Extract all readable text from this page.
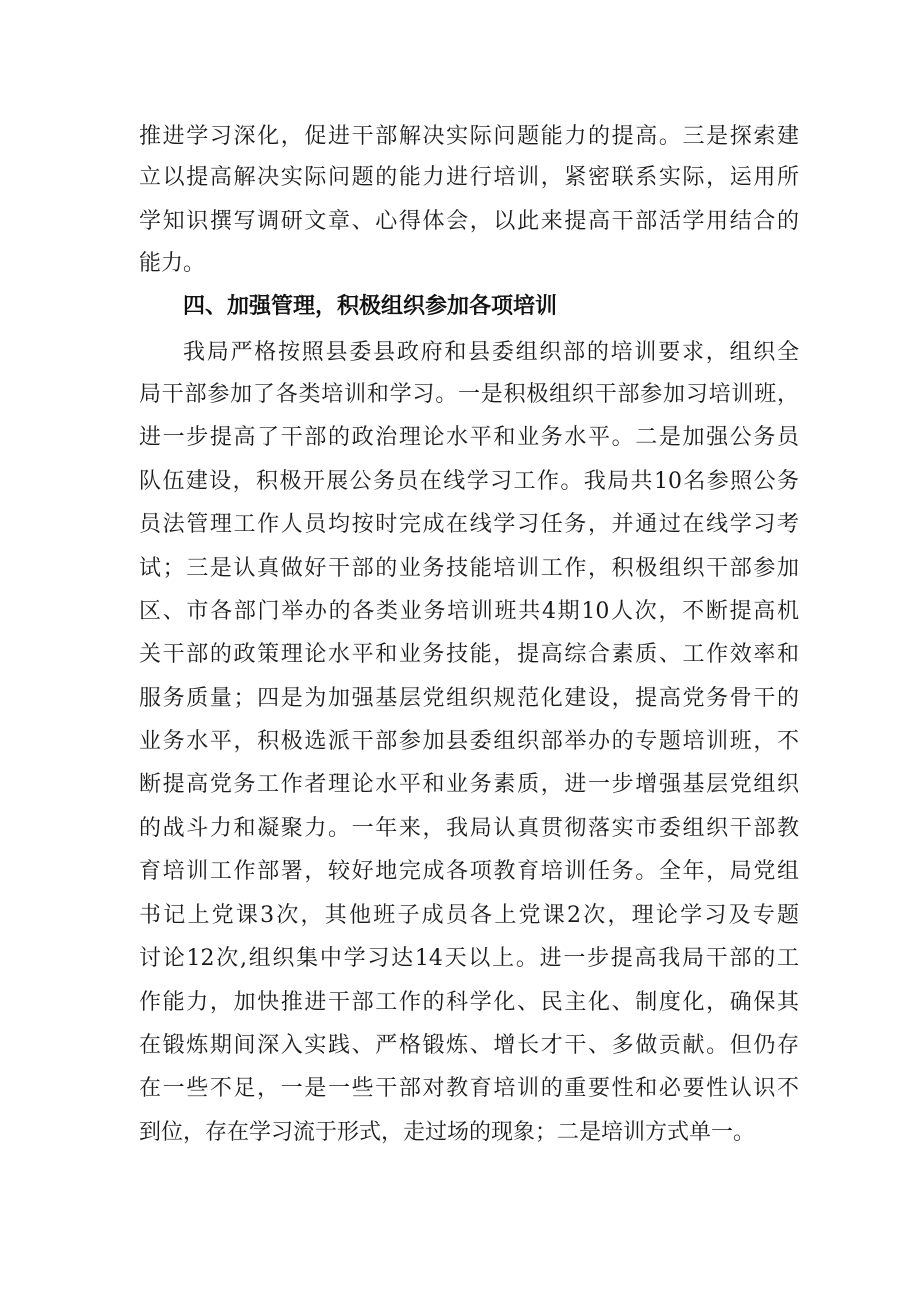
推进学习深化，促进干部解决实际问题能力的提高。三是探索建
立以提高解决实际问题的能力进行培训，紧密联系实际，运用所
学知识撰写调研文章、心得体会，以此来提高干部活学用结合的
能力。
四、加强管理，积极组织参加各项培训
我局严格按照县委县政府和县委组织部的培训要求，组织全
局干部参加了各类培训和学习。一是积极组织干部参加习培训班，
进一步提高了干部的政治理论水平和业务水平。二是加强公务员
队伍建设，积极开展公务员在线学习工作。我局共10名参照公务
员法管理工作人员均按时完成在线学习任务，并通过在线学习考
试；三是认真做好干部的业务技能培训工作，积极组织干部参加
区、市各部门举办的各类业务培训班共4期10人次，不断提高机
关干部的政策理论水平和业务技能，提高综合素质、工作效率和
服务质量；四是为加强基层党组织规范化建设，提高党务骨干的
业务水平，积极选派干部参加县委组织部举办的专题培训班，不
断提高党务工作者理论水平和业务素质，进一步增强基层党组织
的战斗力和凝聚力。一年来，我局认真贯彻落实市委组织干部教
育培训工作部署，较好地完成各项教育培训任务。全年，局党组
书记上党课3次，其他班子成员各上党课2次，理论学习及专题
讨论12次,组织集中学习达14天以上。进一步提高我局干部的工
作能力，加快推进干部工作的科学化、民主化、制度化，确保其
在锻炼期间深入实践、严格锻炼、增长才干、多做贡献。但仍存
在一些不足，一是一些干部对教育培训的重要性和必要性认识不
到位，存在学习流于形式，走过场的现象；二是培训方式单一。
